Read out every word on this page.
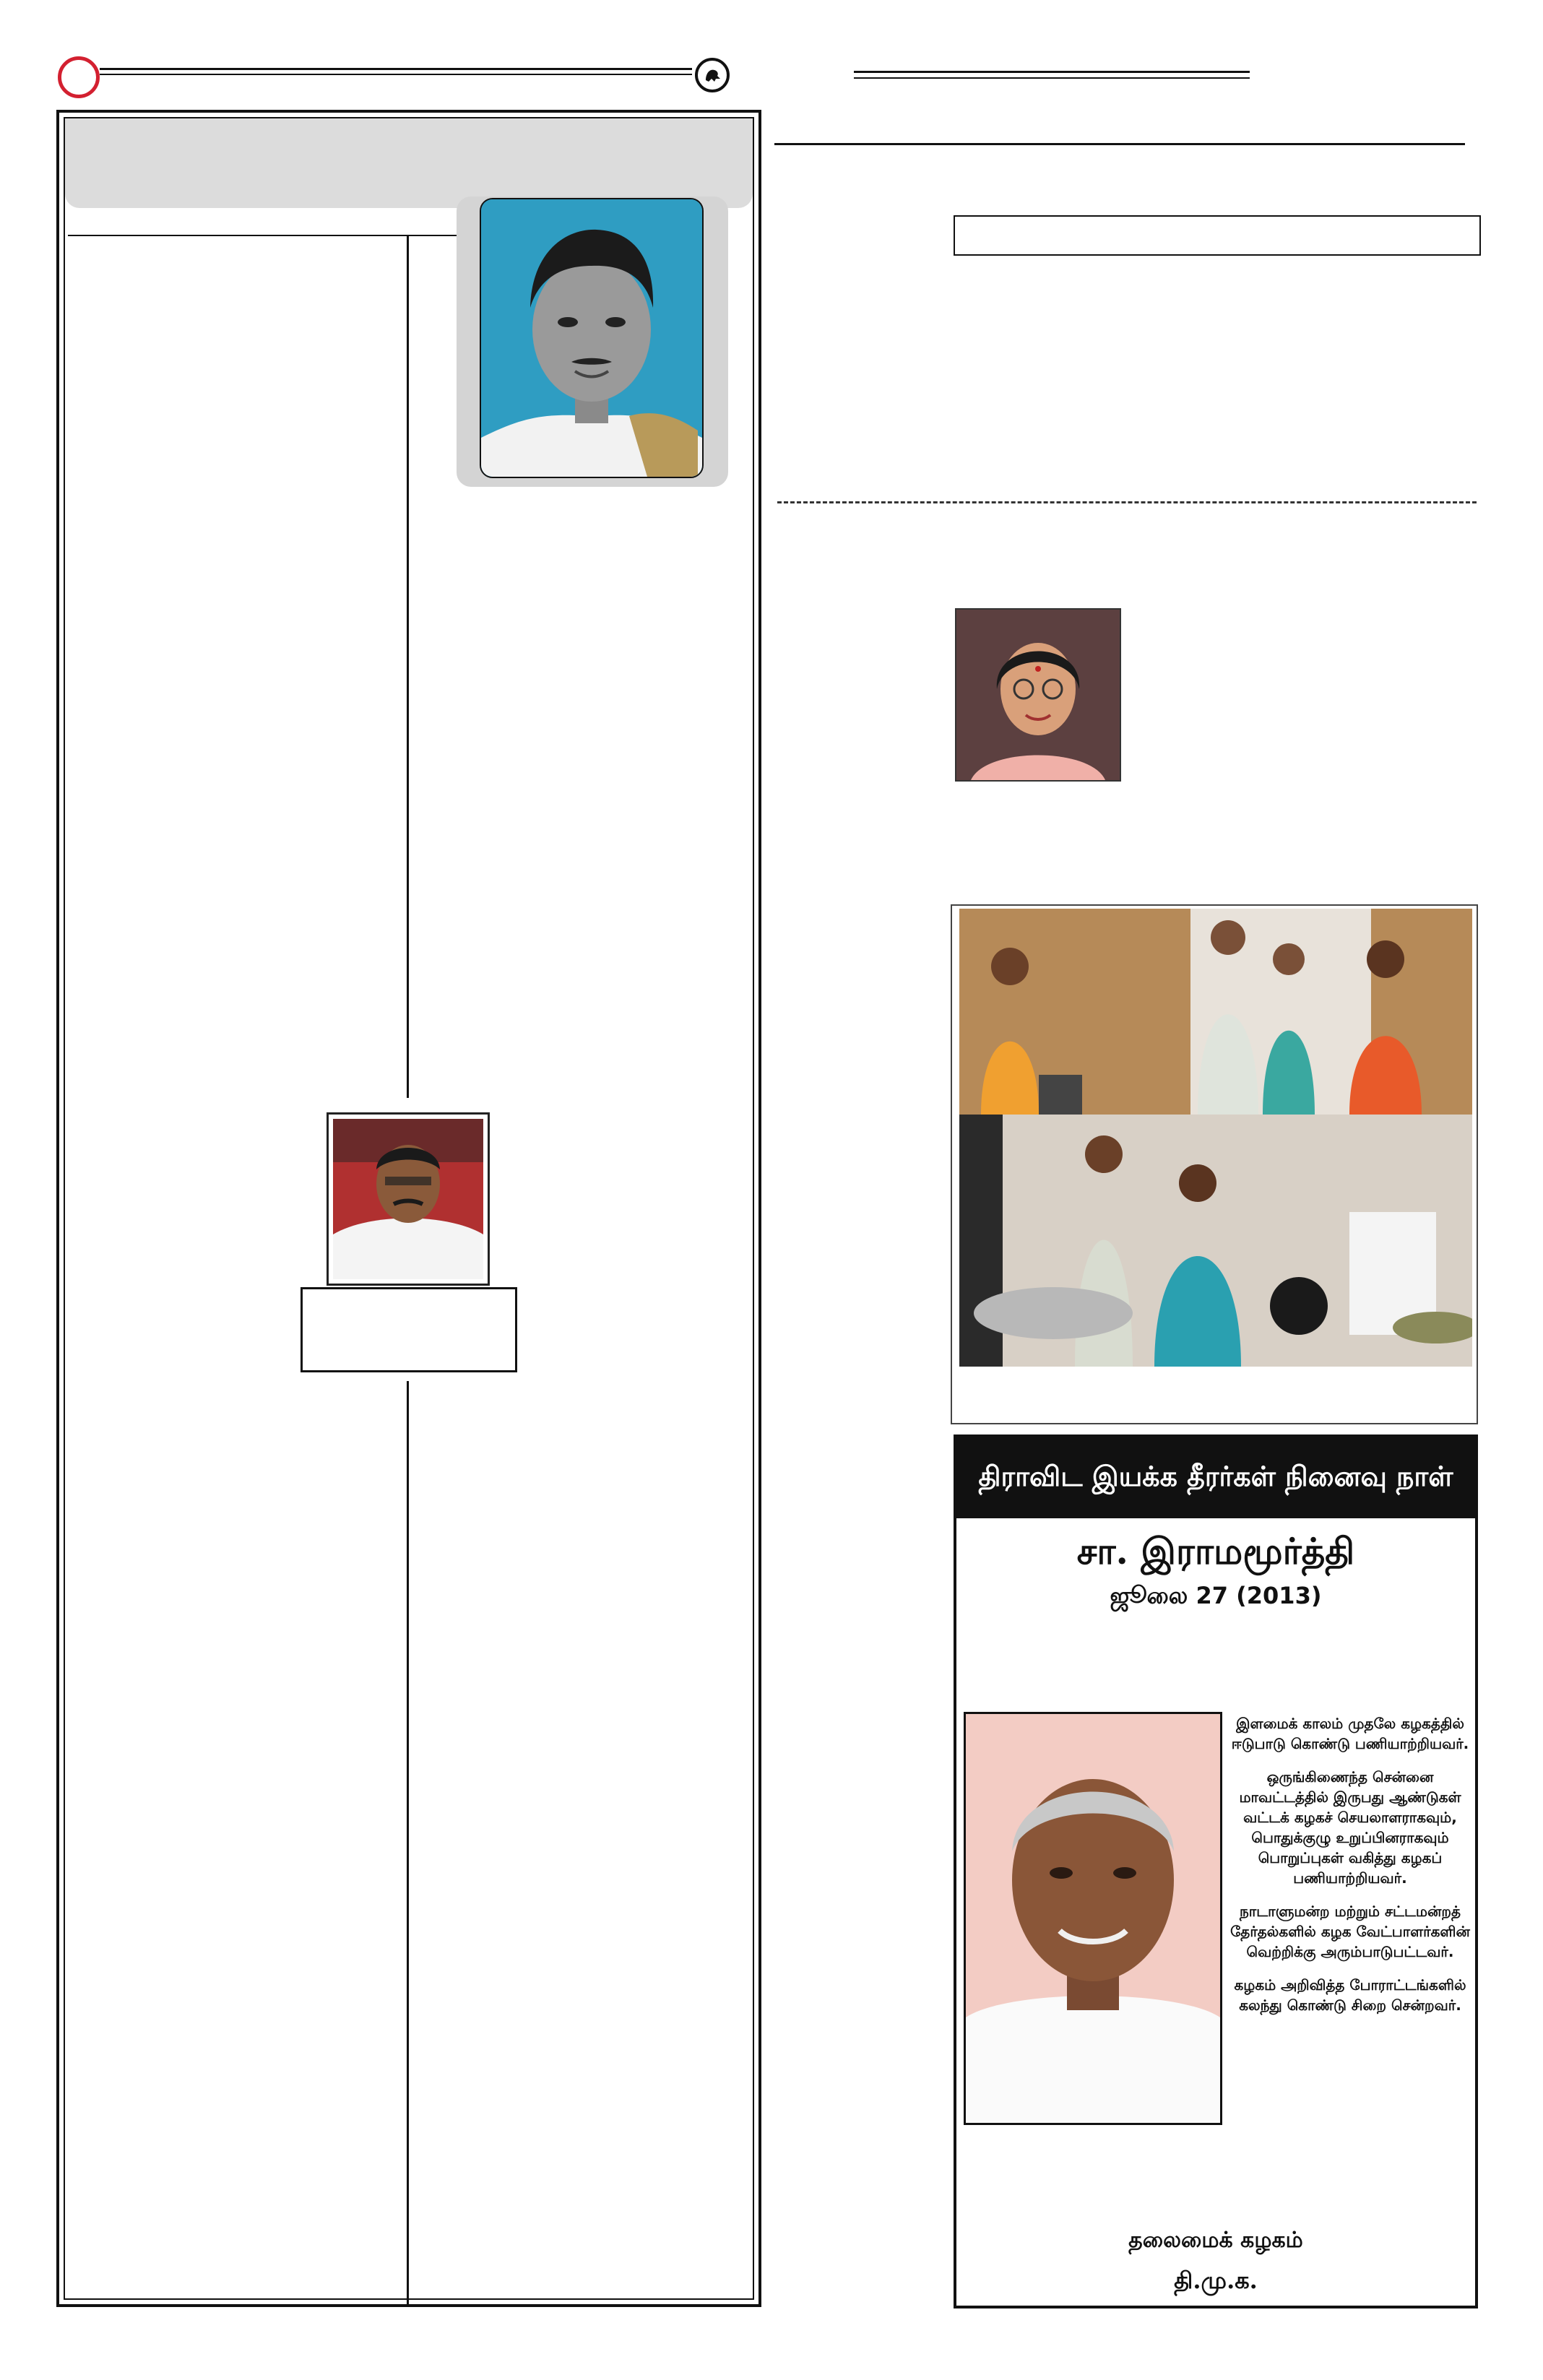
திராவிட இயக்க தீரர்கள் நினைவு நாள்
சா. இராமமூர்த்தி
ஜூலை 27 (2013)

இளமைக் காலம் முதலே கழகத்தில் ஈடுபாடு கொண்டு பணியாற்றியவர்.

ஒருங்கிணைந்த சென்னை மாவட்டத்தில் இருபது ஆண்டுகள் வட்டக் கழகச் செயலாளராகவும், பொதுக்குழு உறுப்பினராகவும் பொறுப்புகள் வகித்து கழகப் பணியாற்றியவர்.

நாடாளுமன்ற மற்றும் சட்டமன்றத் தேர்தல்களில் கழக வேட்பாளர்களின் வெற்றிக்கு அரும்பாடுபட்டவர்.

கழகம் அறிவித்த போராட்டங்களில் கலந்து கொண்டு சிறை சென்றவர்.

தலைமைக் கழகம்
தி.மு.க.
